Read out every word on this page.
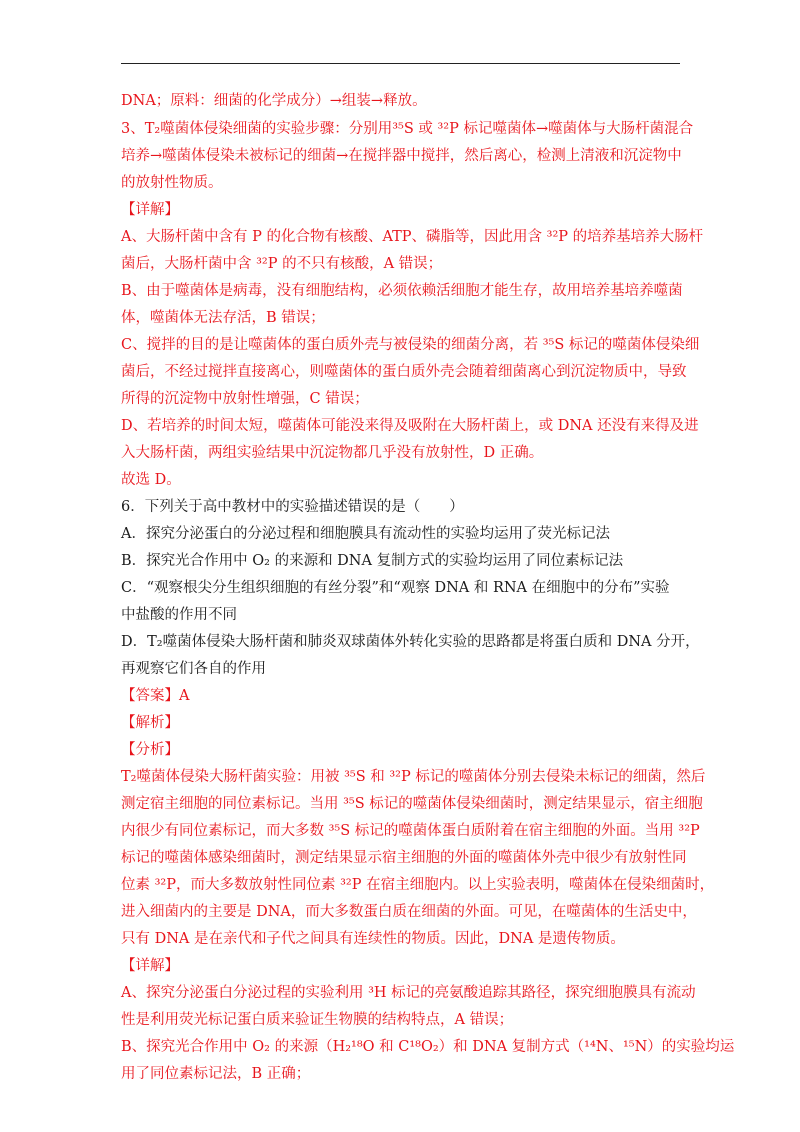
DNA；原料：细菌的化学成分）→组装→释放。
3、T₂噬菌体侵染细菌的实验步骤：分别用³⁵S 或 ³²P 标记噬菌体→噬菌体与大肠杆菌混合
培养→噬菌体侵染未被标记的细菌→在搅拌器中搅拌，然后离心，检测上清液和沉淀物中
的放射性物质。
【详解】
A、大肠杆菌中含有 P 的化合物有核酸、ATP、磷脂等，因此用含 ³²P 的培养基培养大肠杆
菌后，大肠杆菌中含 ³²P 的不只有核酸，A 错误；
B、由于噬菌体是病毒，没有细胞结构，必须依赖活细胞才能生存，故用培养基培养噬菌
体，噬菌体无法存活，B 错误；
C、搅拌的目的是让噬菌体的蛋白质外壳与被侵染的细菌分离，若 ³⁵S 标记的噬菌体侵染细
菌后，不经过搅拌直接离心，则噬菌体的蛋白质外壳会随着细菌离心到沉淀物质中，导致
所得的沉淀物中放射性增强，C 错误；
D、若培养的时间太短，噬菌体可能没来得及吸附在大肠杆菌上，或 DNA 还没有来得及进
入大肠杆菌，两组实验结果中沉淀物都几乎没有放射性，D 正确。
故选 D。
6．下列关于高中教材中的实验描述错误的是（　　）
A．探究分泌蛋白的分泌过程和细胞膜具有流动性的实验均运用了荧光标记法
B．探究光合作用中 O₂ 的来源和 DNA 复制方式的实验均运用了同位素标记法
C．“观察根尖分生组织细胞的有丝分裂”和“观察 DNA 和 RNA 在细胞中的分布”实验
中盐酸的作用不同
D．T₂噬菌体侵染大肠杆菌和肺炎双球菌体外转化实验的思路都是将蛋白质和 DNA 分开，
再观察它们各自的作用
【答案】A
【解析】
【分析】
T₂噬菌体侵染大肠杆菌实验：用被 ³⁵S 和 ³²P 标记的噬菌体分别去侵染未标记的细菌，然后
测定宿主细胞的同位素标记。当用 ³⁵S 标记的噬菌体侵染细菌时，测定结果显示，宿主细胞
内很少有同位素标记，而大多数 ³⁵S 标记的噬菌体蛋白质附着在宿主细胞的外面。当用 ³²P
标记的噬菌体感染细菌时，测定结果显示宿主细胞的外面的噬菌体外壳中很少有放射性同
位素 ³²P，而大多数放射性同位素 ³²P 在宿主细胞内。以上实验表明，噬菌体在侵染细菌时，
进入细菌内的主要是 DNA，而大多数蛋白质在细菌的外面。可见，在噬菌体的生活史中，
只有 DNA 是在亲代和子代之间具有连续性的物质。因此，DNA 是遗传物质。
【详解】
A、探究分泌蛋白分泌过程的实验利用 ³H 标记的亮氨酸追踪其路径，探究细胞膜具有流动
性是利用荧光标记蛋白质来验证生物膜的结构特点，A 错误；
B、探究光合作用中 O₂ 的来源（H₂¹⁸O 和 C¹⁸O₂）和 DNA 复制方式（¹⁴N、¹⁵N）的实验均运
用了同位素标记法，B 正确；
